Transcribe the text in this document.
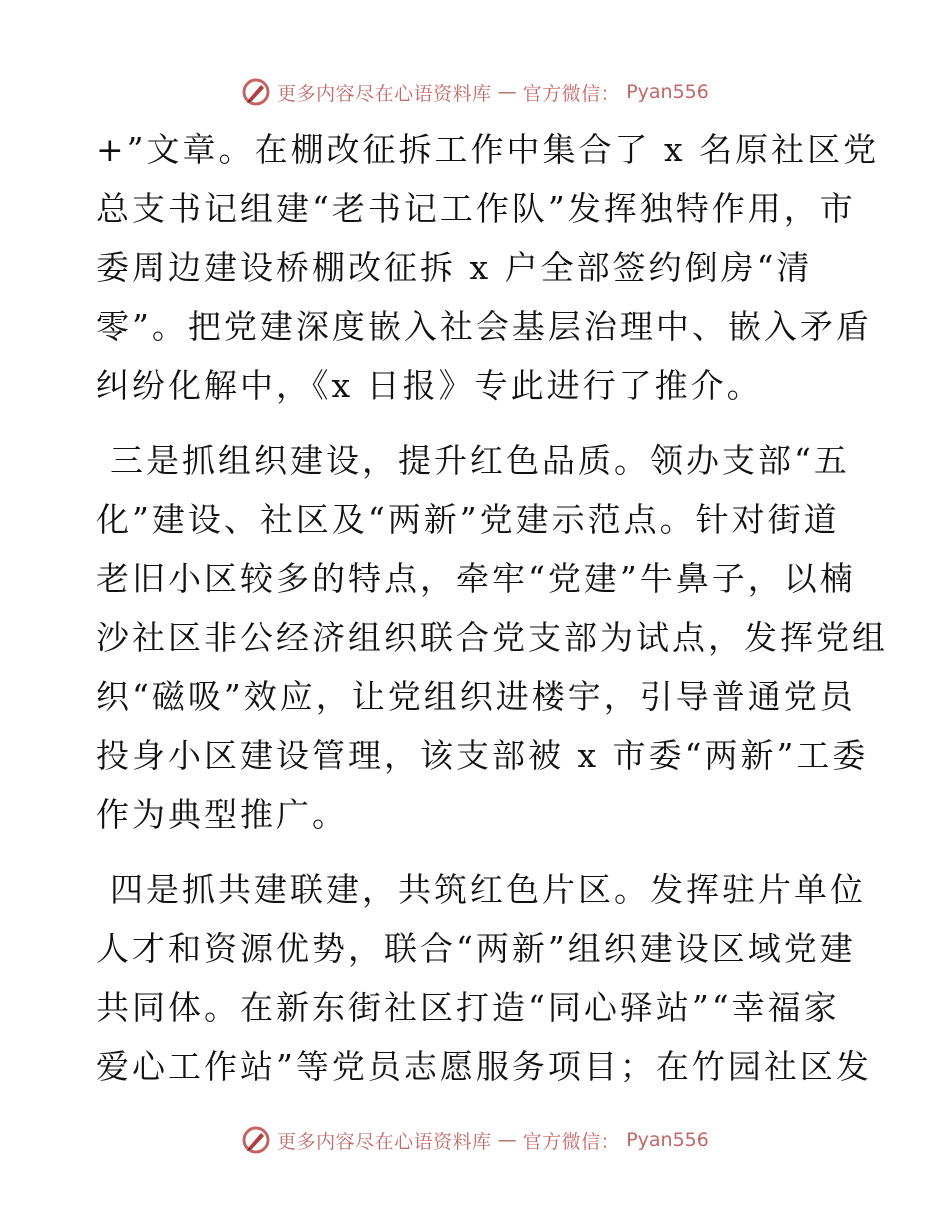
更多内容尽在心语资料库 — 官方微信： Pyan556
+”文章。在棚改征拆工作中集合了 x 名原社区党
总支书记组建“老书记工作队”发挥独特作用，市
委周边建设桥棚改征拆 x 户全部签约倒房“清
零”。把党建深度嵌入社会基层治理中、嵌入矛盾
纠纷化解中，《x 日报》专此进行了推介。
三是抓组织建设，提升红色品质。领办支部“五
化”建设、社区及“两新”党建示范点。针对街道
老旧小区较多的特点，牵牢“党建”牛鼻子，以楠
沙社区非公经济组织联合党支部为试点，发挥党组
织“磁吸”效应，让党组织进楼宇，引导普通党员
投身小区建设管理，该支部被 x 市委“两新”工委
作为典型推广。
四是抓共建联建，共筑红色片区。发挥驻片单位
人才和资源优势，联合“两新”组织建设区域党建
共同体。在新东街社区打造“同心驿站”“幸福家
爱心工作站”等党员志愿服务项目；在竹园社区发
更多内容尽在心语资料库 — 官方微信： Pyan556
